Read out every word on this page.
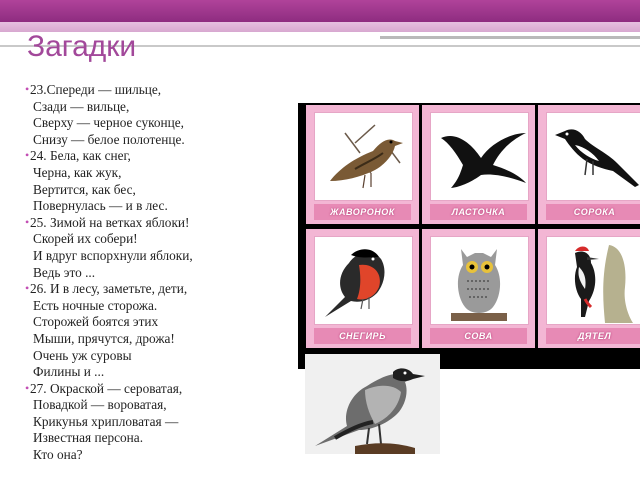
Загадки
• 23.Спереди — шильце,
Сзади — вильце,
Сверху — черное суконце,
Снизу — белое полотенце.
• 24. Бела, как снег,
Черна, как жук,
Вертится, как бес,
Повернулась — и в лес.
• 25. Зимой на ветках яблоки!
Скорей их собери!
И вдруг вспорхнули яблоки,
Ведь это ...
• 26. И в лесу, заметьте, дети,
Есть ночные сторожа.
Сторожей боятся этих
Мыши, прячутся, дрожа!
Очень уж суровы
Филины и ...
• 27. Окраской — сероватая,
Повадкой — вороватая,
Крикунья хрипловатая —
Известная персона.
Кто она?
ЖАВОРОНОК	ЛАСТОЧКА	СОРОКА
СНЕГИРЬ	СОВА	ДЯТЕЛ
